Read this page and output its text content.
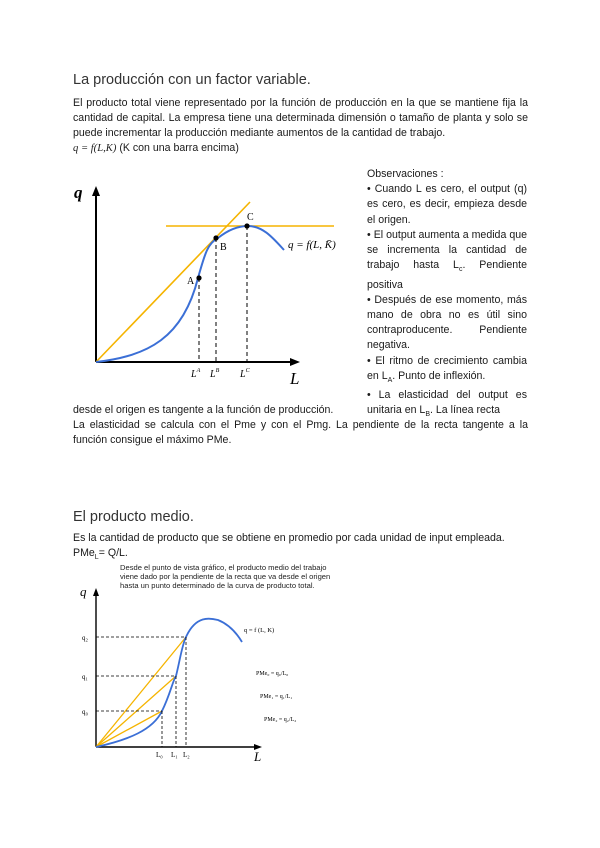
La producción con un factor variable.
El producto total viene representado por la función de producción en la que se mantiene fija la cantidad de capital. La empresa tiene una determinada dimensión o tamaño de planta y solo se puede incrementar la producción mediante aumentos de la cantidad de trabajo.
q = f(L,K) (K con una barra encima)
q
L
A
B
C
q = f(L, K̄)
$L^A$ $L^B$ $L^C$
Observaciones :
• Cuando L es cero, el output (q) es cero, es decir, empieza desde el origen.
• El output aumenta a medida que se incrementa la cantidad de trabajo hasta $L_c$. Pendiente positiva
• Después de ese momento, más mano de obra no es útil sino contraproducente. Pendiente negativa.
• El ritmo de crecimiento cambia en $L_A$. Punto de inflexión.
• La elasticidad del output es unitaria en $L_B$. La línea recta
desde el origen es tangente a la función de producción.
La elasticidad se calcula con el Pme y con el Pmg. La pendiente de la recta tangente a la función consigue el máximo PMe.
El producto medio.
Es la cantidad de producto que se obtiene en promedio por cada unidad de input empleada.
PMe$_L$= Q/L.
Desde el punto de vista gráfico, el producto medio del trabajo viene dado por la pendiente de la recta que va desde el origen hasta un punto determinado de la curva de producto total.
q
L
q₂
q₁
q₀
L₀ L₁ L₂
q = f (L, K)
PMe₀ = q₀/L₀
PMe₁ = q₁/L₁
PMe₂ = q₂/L₂
